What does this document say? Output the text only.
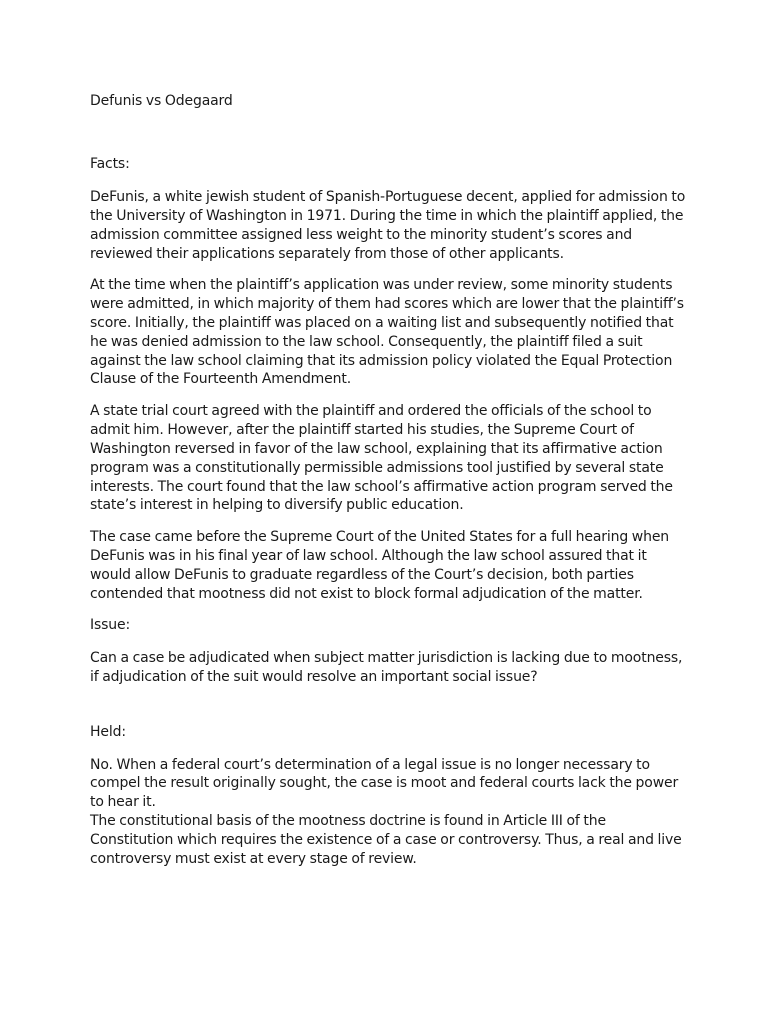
Defunis vs Odegaard

Facts:

DeFunis, a white jewish student of Spanish-Portuguese decent, applied for admission to the University of Washington in 1971. During the time in which the plaintiff applied, the admission committee assigned less weight to the minority student’s scores and reviewed their applications separately from those of other applicants.

At the time when the plaintiff’s application was under review, some minority students were admitted, in which majority of them had scores which are lower that the plaintiff’s score. Initially, the plaintiff was placed on a waiting list and subsequently notified that he was denied admission to the law school. Consequently, the plaintiff filed a suit against the law school claiming that its admission policy violated the Equal Protection Clause of the Fourteenth Amendment.

A state trial court agreed with the plaintiff and ordered the officials of the school to admit him. However, after the plaintiff started his studies, the Supreme Court of Washington reversed in favor of the law school, explaining that its affirmative action program was a constitutionally permissible admissions tool justified by several state interests. The court found that the law school’s affirmative action program served the state’s interest in helping to diversify public education.

The case came before the Supreme Court of the United States for a full hearing when DeFunis was in his final year of law school. Although the law school assured that it would allow DeFunis to graduate regardless of the Court’s decision, both parties contended that mootness did not exist to block formal adjudication of the matter.

Issue:

Can a case be adjudicated when subject matter jurisdiction is lacking due to mootness, if adjudication of the suit would resolve an important social issue?

Held:

No. When a federal court’s determination of a legal issue is no longer necessary to compel the result originally sought, the case is moot and federal courts lack the power to hear it.

The constitutional basis of the mootness doctrine is found in Article III of the Constitution which requires the existence of a case or controversy. Thus, a real and live controversy must exist at every stage of review.
